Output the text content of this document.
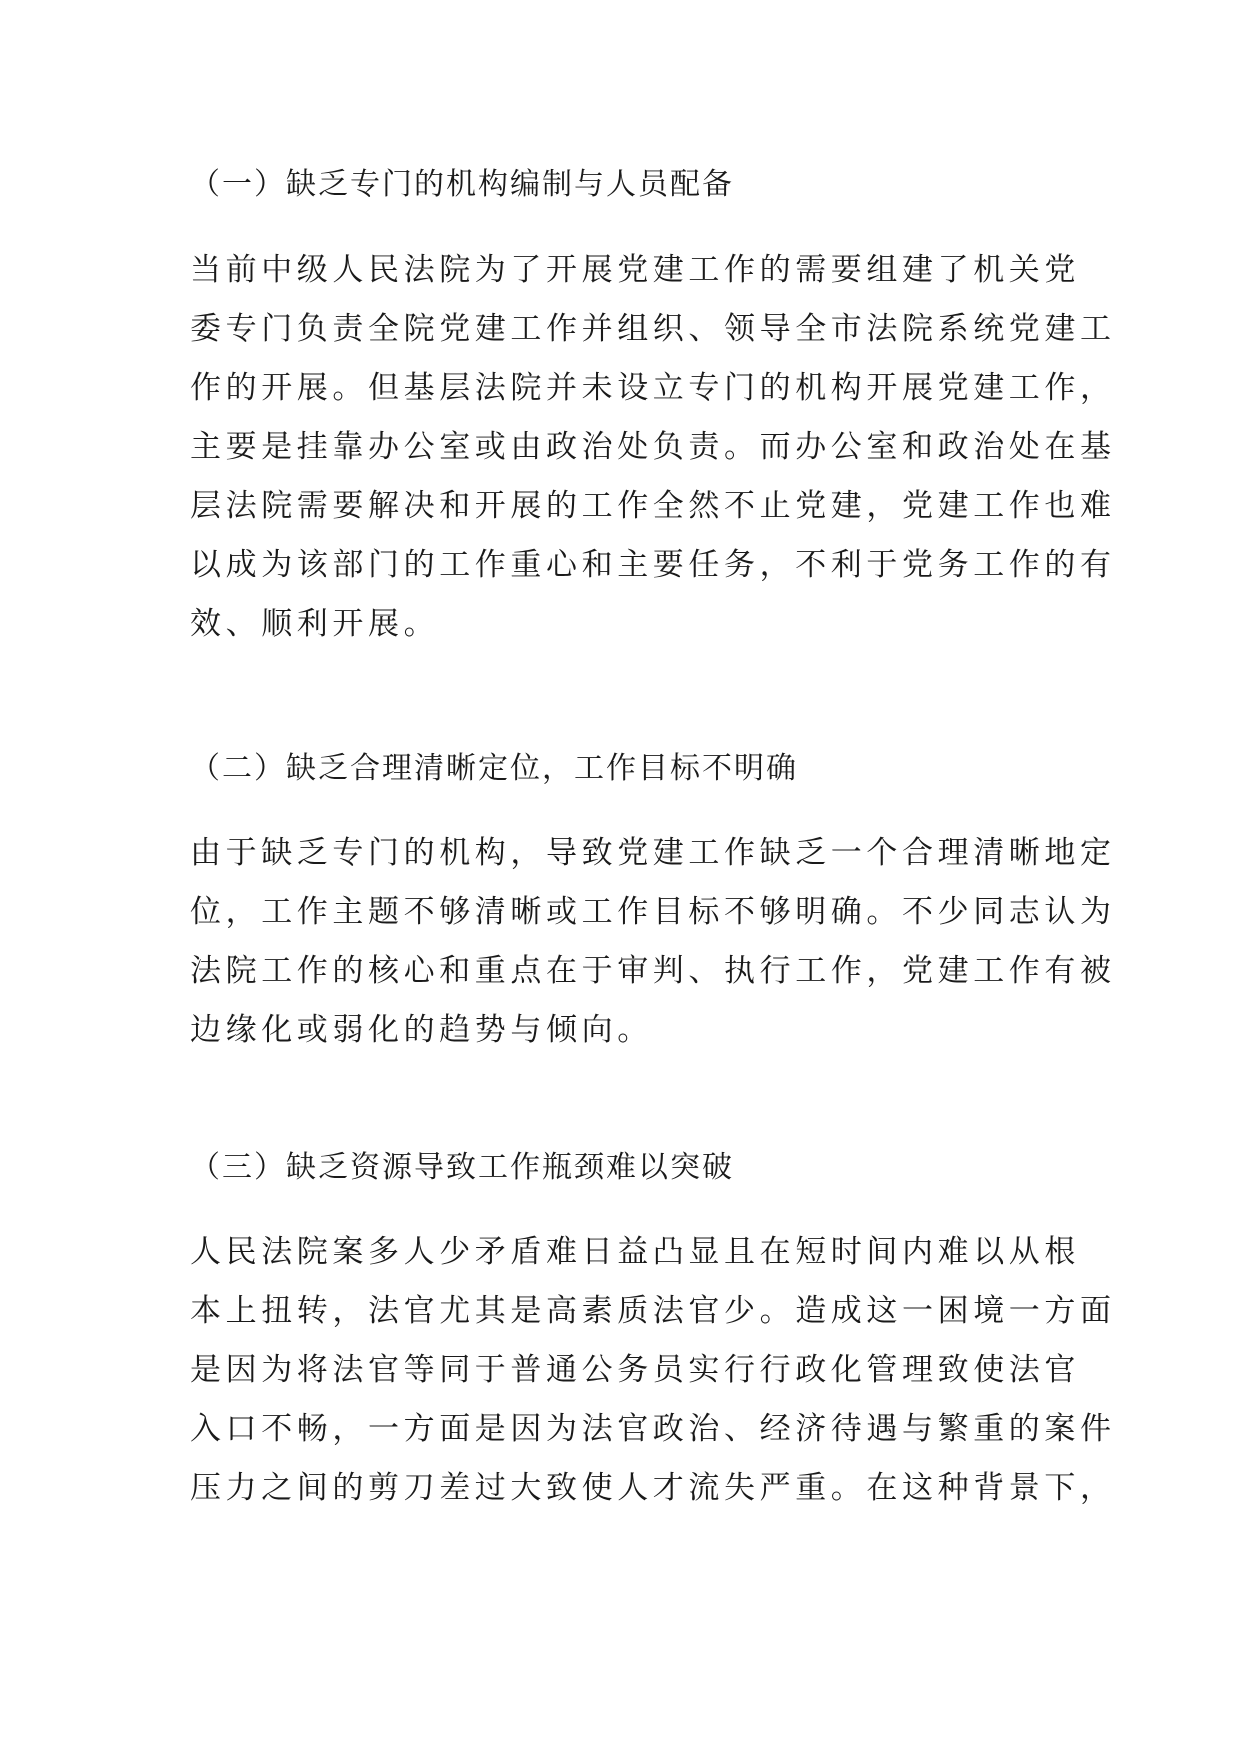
（一）缺乏专门的机构编制与人员配备
当前中级人民法院为了开展党建工作的需要组建了机关党
委专门负责全院党建工作并组织、领导全市法院系统党建工
作的开展。但基层法院并未设立专门的机构开展党建工作，
主要是挂靠办公室或由政治处负责。而办公室和政治处在基
层法院需要解决和开展的工作全然不止党建，党建工作也难
以成为该部门的工作重心和主要任务，不利于党务工作的有
效、顺利开展。
（二）缺乏合理清晰定位，工作目标不明确
由于缺乏专门的机构，导致党建工作缺乏一个合理清晰地定
位，工作主题不够清晰或工作目标不够明确。不少同志认为
法院工作的核心和重点在于审判、执行工作，党建工作有被
边缘化或弱化的趋势与倾向。
（三）缺乏资源导致工作瓶颈难以突破
人民法院案多人少矛盾难日益凸显且在短时间内难以从根
本上扭转，法官尤其是高素质法官少。造成这一困境一方面
是因为将法官等同于普通公务员实行行政化管理致使法官
入口不畅，一方面是因为法官政治、经济待遇与繁重的案件
压力之间的剪刀差过大致使人才流失严重。在这种背景下，
